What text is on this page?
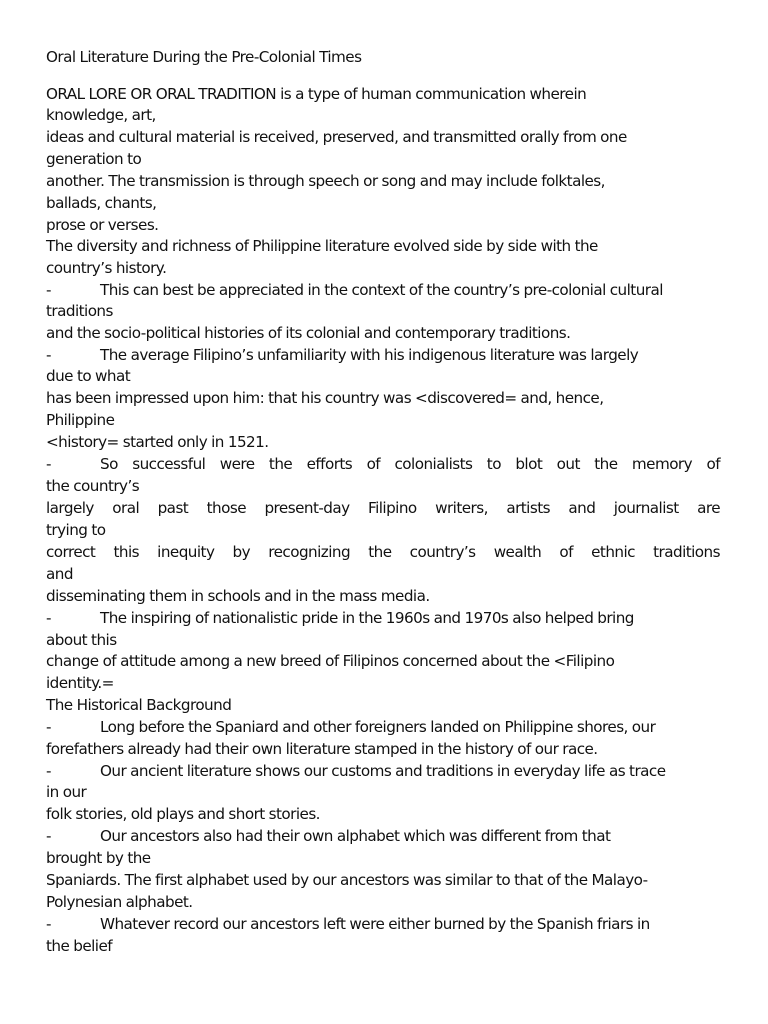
Oral Literature During the Pre-Colonial Times
ORAL LORE OR ORAL TRADITION is a type of human communication wherein
knowledge, art,
ideas and cultural material is received, preserved, and transmitted orally from one
generation to
another. The transmission is through speech or song and may include folktales,
ballads, chants,
prose or verses.
The diversity and richness of Philippine literature evolved side by side with the
country’s history.
-	This can best be appreciated in the context of the country’s pre-colonial cultural
traditions
and the socio-political histories of its colonial and contemporary traditions.
-	The average Filipino’s unfamiliarity with his indigenous literature was largely
due to what
has been impressed upon him: that his country was <discovered= and, hence,
Philippine
<history= started only in 1521.
-	So successful were the efforts of colonialists to blot out the memory of
the country’s
largely oral past those present-day Filipino writers, artists and journalist are
trying to
correct this inequity by recognizing the country’s wealth of ethnic traditions
and
disseminating them in schools and in the mass media.
-	The inspiring of nationalistic pride in the 1960s and 1970s also helped bring
about this
change of attitude among a new breed of Filipinos concerned about the <Filipino
identity.=
The Historical Background
-	Long before the Spaniard and other foreigners landed on Philippine shores, our
forefathers already had their own literature stamped in the history of our race.
-	Our ancient literature shows our customs and traditions in everyday life as trace
in our
folk stories, old plays and short stories.
-	Our ancestors also had their own alphabet which was different from that
brought by the
Spaniards. The first alphabet used by our ancestors was similar to that of the Malayo-
Polynesian alphabet.
-	Whatever record our ancestors left were either burned by the Spanish friars in
the belief
